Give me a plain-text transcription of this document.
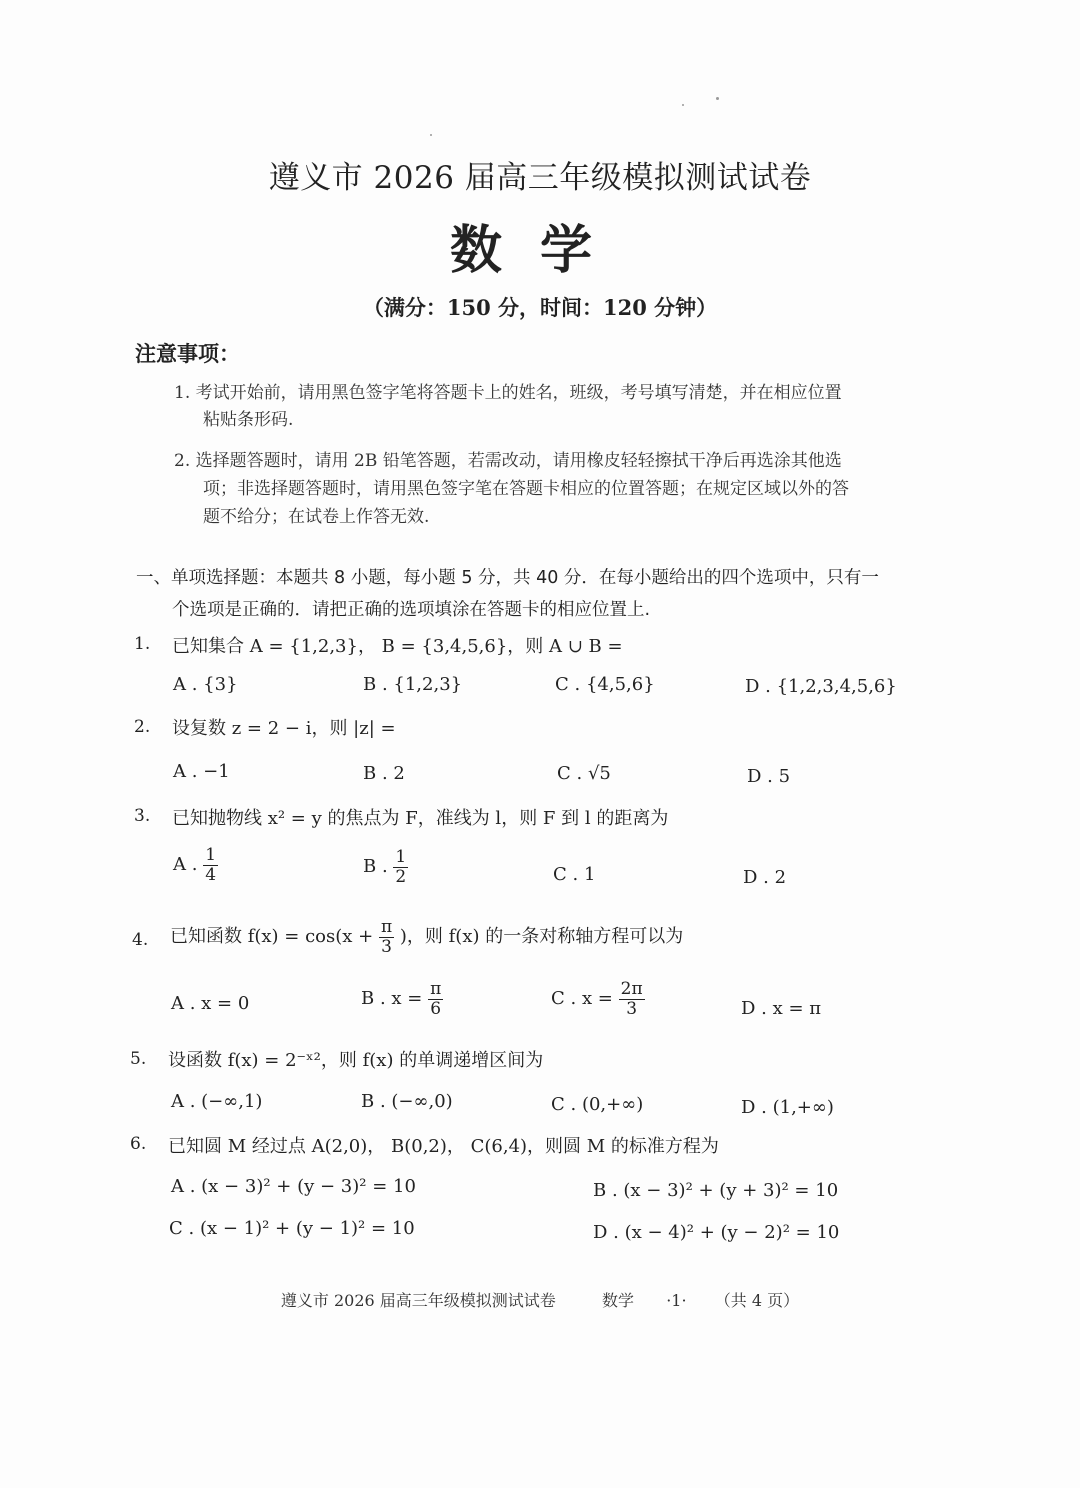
遵义市 2026 届高三年级模拟测试试卷
数学
（满分：150 分，时间：120 分钟）
注意事项：
1. 考试开始前，请用黑色签字笔将答题卡上的姓名，班级，考号填写清楚，并在相应位置
粘贴条形码.
2. 选择题答题时，请用 2B 铅笔答题，若需改动，请用橡皮轻轻擦拭干净后再选涂其他选
项；非选择题答题时，请用黑色签字笔在答题卡相应的位置答题；在规定区域以外的答
题不给分；在试卷上作答无效.
一、单项选择题：本题共 8 小题，每小题 5 分，共 40 分．在每小题给出的四个选项中，只有一
个选项是正确的．请把正确的选项填涂在答题卡的相应位置上.
1. 已知集合 A = {1,2,3}， B = {3,4,5,6}，则 A ∪ B =
A . {3}	B . {1,2,3}	C . {4,5,6}	D . {1,2,3,4,5,6}
2. 设复数 z = 2 − i，则 |z| =
A . −1	B . 2	C . √5	D . 5
3. 已知抛物线 x² = y 的焦点为 F，准线为 l，则 F 到 l 的距离为
A . $\frac{1}{4}$	B . $\frac{1}{2}$	C . 1	D . 2
4. 已知函数 $f(x) = \cos(x + \frac{\pi}{3}$ )，则 f(x) 的一条对称轴方程可以为
A . x = 0	B . $x = \frac{\pi}{6}$	C . $x = \frac{2\pi}{3}$	D . x = π
5. 设函数 f(x) = 2⁻ˣ²，则 f(x) 的单调递增区间为
A . (−∞,1)	B . (−∞,0)	C . (0,+∞)	D . (1,+∞)
6. 已知圆 M 经过点 A(2,0)， B(0,2)， C(6,4)，则圆 M 的标准方程为
A . (x − 3)² + (y − 3)² = 10	B . (x − 3)² + (y + 3)² = 10
C . (x − 1)² + (y − 1)² = 10	D . (x − 4)² + (y − 2)² = 10
遵义市 2026 届高三年级模拟测试试卷	数学 ·1· （共 4 页）
